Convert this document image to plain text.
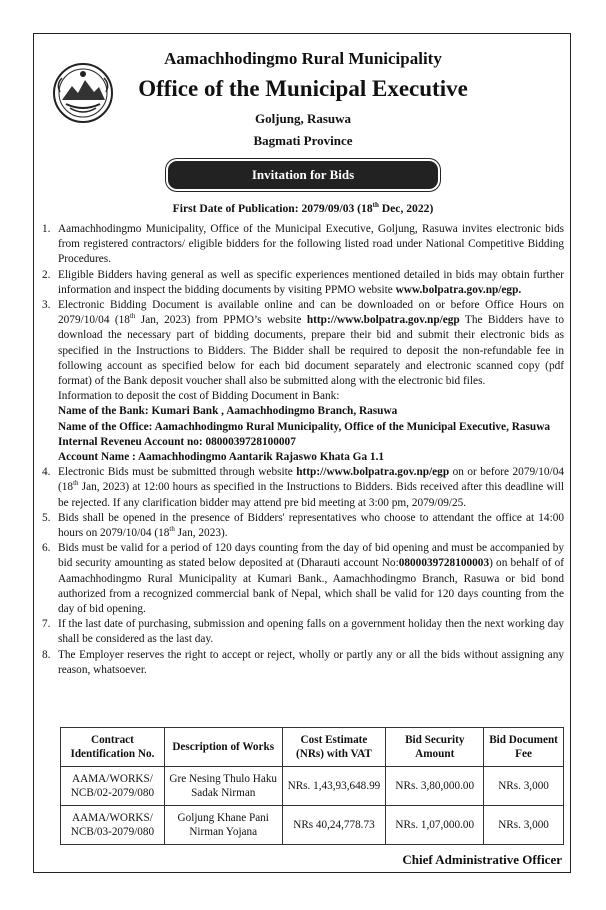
Aamachhodingmo Rural Municipality
Office of the Municipal Executive
Goljung, Rasuwa
Bagmati Province
Invitation for Bids
First Date of Publication: 2079/09/03 (18th Dec, 2022)
1. Aamachhodingmo Municipality, Office of the Municipal Executive, Goljung, Rasuwa invites electronic bids from registered contractors/ eligible bidders for the following listed road under National Competitive Bidding Procedures.
2. Eligible Bidders having general as well as specific experiences mentioned detailed in bids may obtain further information and inspect the bidding documents by visiting PPMO website www.bolpatra.gov.np/egp.
3. Electronic Bidding Document is available online and can be downloaded on or before Office Hours on 2079/10/04 (18th Jan, 2023) from PPMO’s website http://www.bolpatra.gov.np/egp The Bidders have to download the necessary part of bidding documents, prepare their bid and submit their electronic bids as specified in the Instructions to Bidders. The Bidder shall be required to deposit the non-refundable fee in following account as specified below for each bid document separately and electronic scanned copy (pdf format) of the Bank deposit voucher shall also be submitted along with the electronic bid files.
Information to deposit the cost of Bidding Document in Bank:
Name of the Bank: Kumari Bank , Aamachhodingmo Branch, Rasuwa
Name of the Office: Aamachhodingmo Rural Municipality, Office of the Municipal Executive, Rasuwa
Internal Reveneu Account no: 0800039728100007
Account Name : Aamachhodingmo Aantarik Rajaswo Khata Ga 1.1
4. Electronic Bids must be submitted through website http://www.bolpatra.gov.np/egp on or before 2079/10/04 (18th Jan, 2023) at 12:00 hours as specified in the Instructions to Bidders. Bids received after this deadline will be rejected. If any clarification bidder may attend pre bid meeting at 3:00 pm, 2079/09/25.
5. Bids shall be opened in the presence of Bidders' representatives who choose to attendant the office at 14:00 hours on 2079/10/04 (18th Jan, 2023).
6. Bids must be valid for a period of 120 days counting from the day of bid opening and must be accompanied by bid security amounting as stated below deposited at (Dharauti account No:0800039728100003) on behalf of of Aamachhodingmo Rural Municipality at Kumari Bank., Aamachhodingmo Branch, Rasuwa or bid bond authorized from a recognized commercial bank of Nepal, which shall be valid for 120 days counting from the day of bid opening.
7. If the last date of purchasing, submission and opening falls on a government holiday then the next working day shall be considered as the last day.
8. The Employer reserves the right to accept or reject, wholly or partly any or all the bids without assigning any reason, whatsoever.
Contract Identification No.	Description of Works	Cost Estimate (NRs) with VAT	Bid Security Amount	Bid Document Fee
AAMA/WORKS/ NCB/02-2079/080	Gre Nesing Thulo Haku Sadak Nirman	NRs. 1,43,93,648.99	NRs. 3,80,000.00	NRs. 3,000
AAMA/WORKS/ NCB/03-2079/080	Goljung Khane Pani Nirman Yojana	NRs 40,24,778.73	NRs. 1,07,000.00	NRs. 3,000
Chief Administrative Officer
